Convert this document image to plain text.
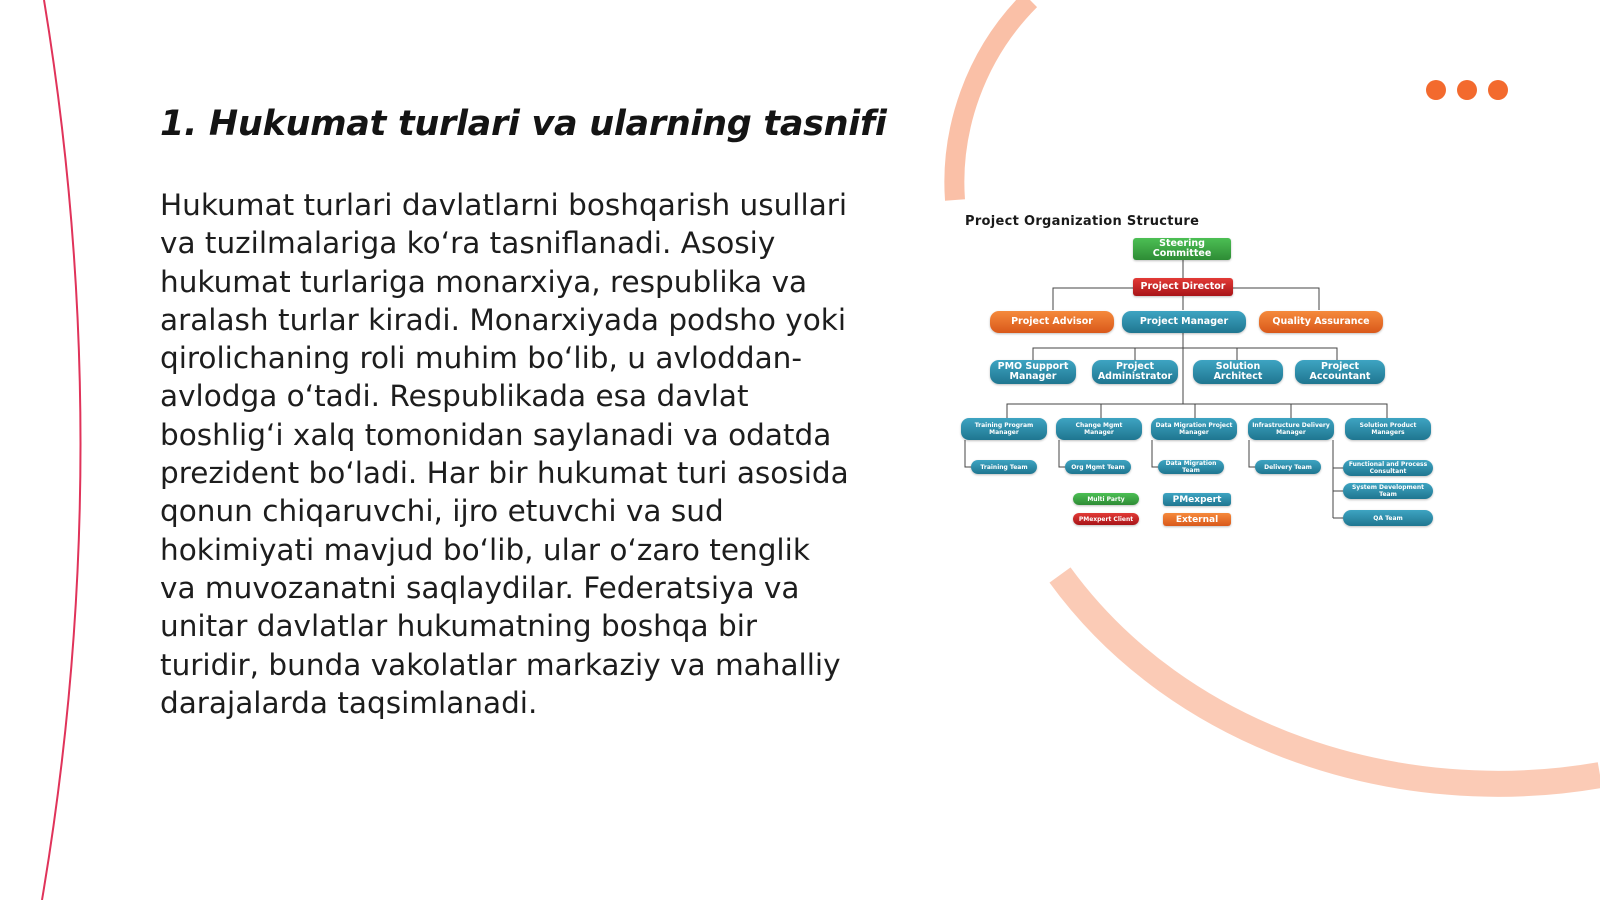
1. Hukumat turlari va ularning tasnifi

Hukumat turlari davlatlarni boshqarish usullari va tuzilmalariga ko‘ra tasniflanadi. Asosiy hukumat turlariga monarxiya, respublika va aralash turlar kiradi. Monarxiyada podsho yoki qirolichaning roli muhim bo‘lib, u avloddan-avlodga o‘tadi. Respublikada esa davlat boshlig‘i xalq tomonidan saylanadi va odatda prezident bo‘ladi. Har bir hukumat turi asosida qonun chiqaruvchi, ijro etuvchi va sud hokimiyati mavjud bo‘lib, ular o‘zaro tenglik va muvozanatni saqlaydilar. Federatsiya va unitar davlatlar hukumatning boshqa bir turidir, bunda vakolatlar markaziy va mahalliy darajalarda taqsimlanadi.

Project Organization Structure
Steering Committee
Project Director
Project Advisor	Project Manager	Quality Assurance
PMO Support Manager
Project Administrator
Solution Architect
Project Accountant
Training Program Manager
Change Mgmt Manager
Data Migration Project Manager
Infrastructure Delivery Manager
Solution Product Managers
Training Team	Org Mgmt Team	Data Migration Team	Delivery Team	Functional and Process Consultant
System Development Team
QA Team
Multi Party	PMexpert
PMexpert Client	External
